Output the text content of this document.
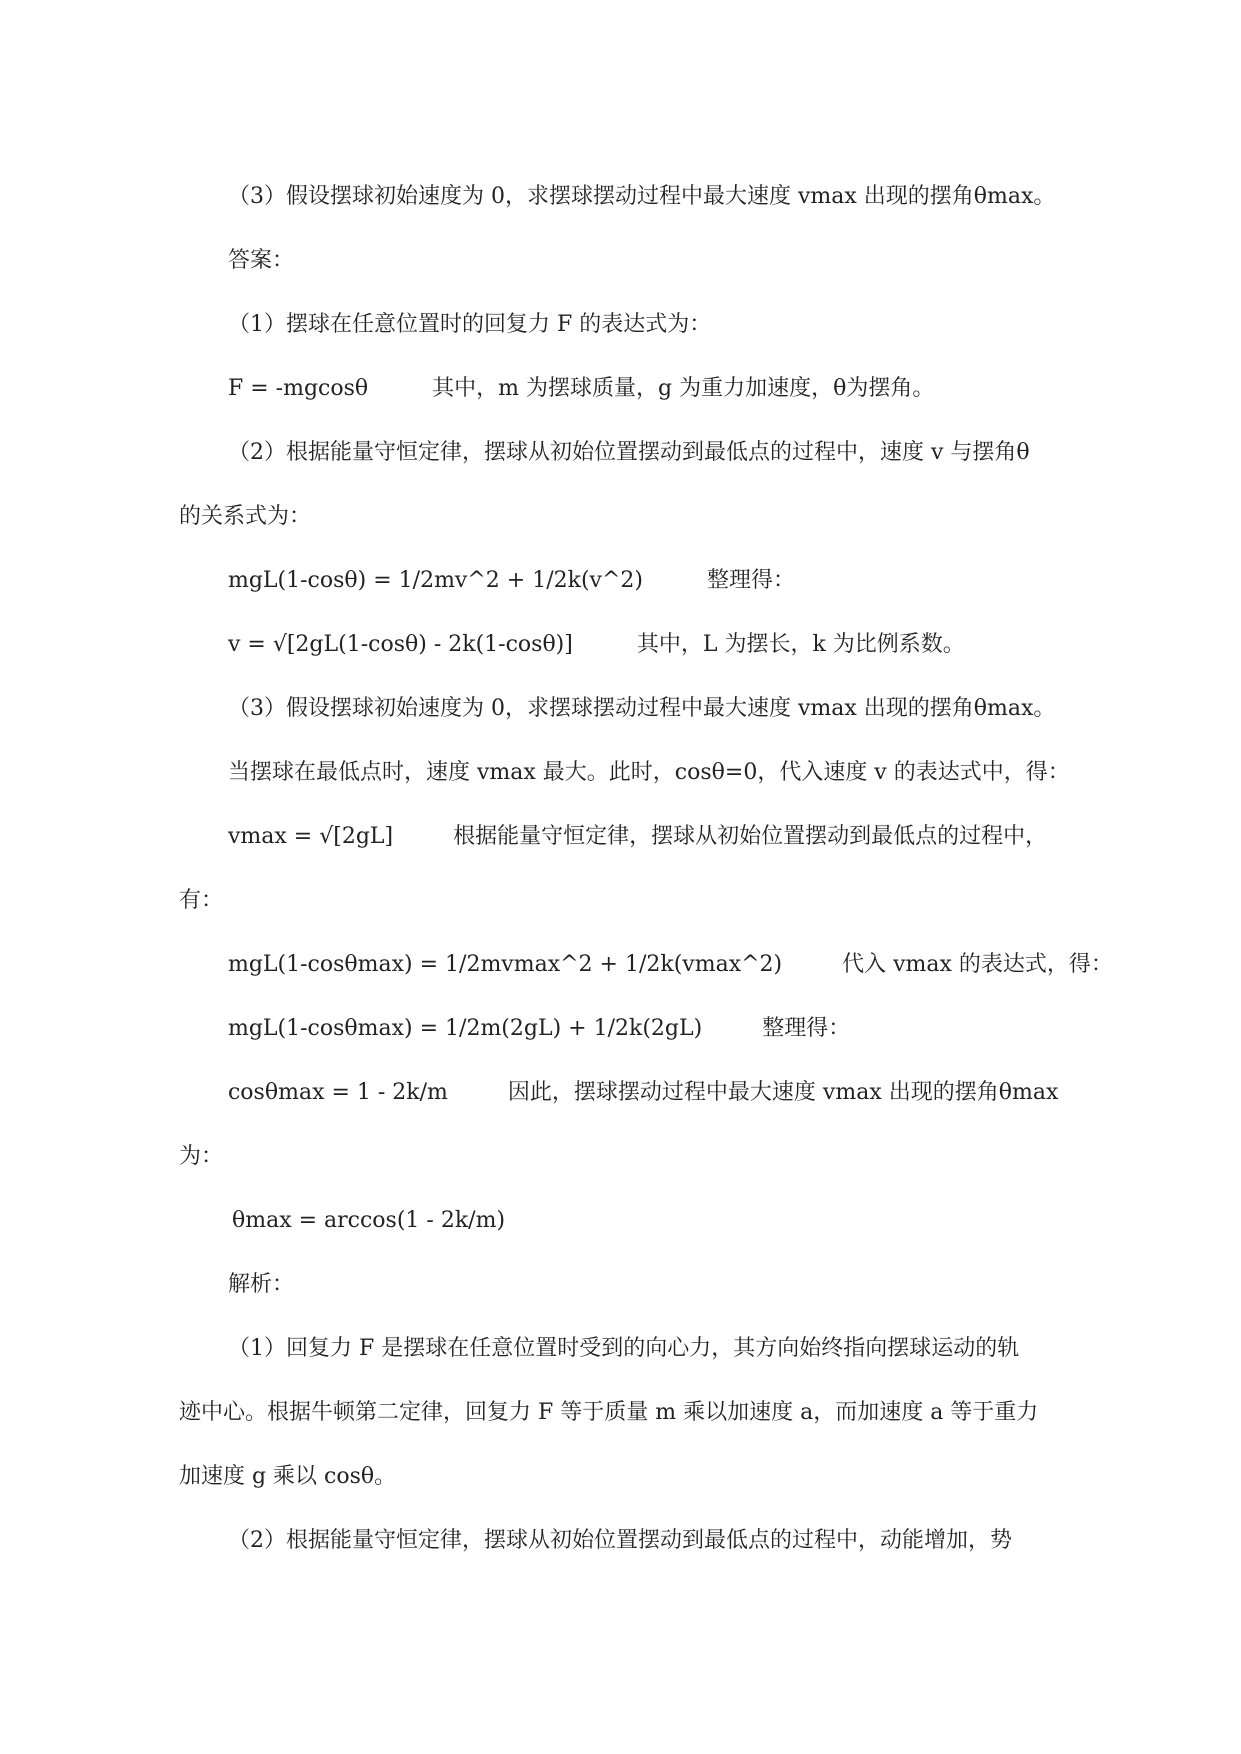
（3）假设摆球初始速度为 0，求摆球摆动过程中最大速度 vmax 出现的摆角θmax。

答案：

（1）摆球在任意位置时的回复力 F 的表达式为：

F = -mgcosθ	其中，m 为摆球质量，g 为重力加速度，θ为摆角。

（2）根据能量守恒定律，摆球从初始位置摆动到最低点的过程中，速度 v 与摆角θ

的关系式为：

mgL(1-cosθ) = 1/2mv^2 + 1/2k(v^2)	整理得：

v = √[2gL(1-cosθ) - 2k(1-cosθ)]	其中，L 为摆长，k 为比例系数。

（3）假设摆球初始速度为 0，求摆球摆动过程中最大速度 vmax 出现的摆角θmax。

当摆球在最低点时，速度 vmax 最大。此时，cosθ=0，代入速度 v 的表达式中，得：

vmax = √[2gL]	根据能量守恒定律，摆球从初始位置摆动到最低点的过程中，

有：

mgL(1-cosθmax) = 1/2mvmax^2 + 1/2k(vmax^2)	代入 vmax 的表达式，得：

mgL(1-cosθmax) = 1/2m(2gL) + 1/2k(2gL)	整理得：

cosθmax = 1 - 2k/m	因此，摆球摆动过程中最大速度 vmax 出现的摆角θmax

为：

θmax = arccos(1 - 2k/m)

解析：

（1）回复力 F 是摆球在任意位置时受到的向心力，其方向始终指向摆球运动的轨

迹中心。根据牛顿第二定律，回复力 F 等于质量 m 乘以加速度 a，而加速度 a 等于重力

加速度 g 乘以 cosθ。

（2）根据能量守恒定律，摆球从初始位置摆动到最低点的过程中，动能增加，势
